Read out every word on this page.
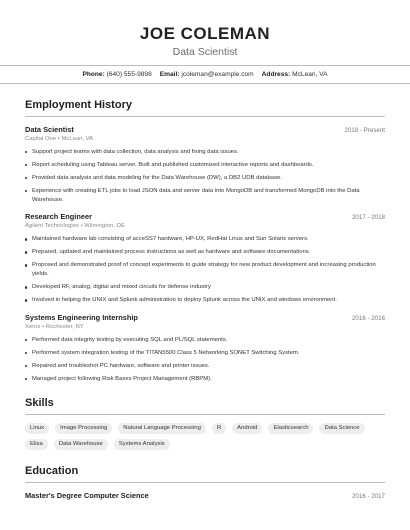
JOE COLEMAN
Data Scientist
Phone: (640) 555-9898 Email: jcoleman@example.com Address: McLean, VA
Employment History
Data Scientist	2018 - Present
Capital One • McLean, VA
Support project teams with data collection, data analysis and fixing data issues.
Report scheduling using Tableau server. Built and published customized interactive reports and dashboards.
Provided data analysis and data modeling for the Data Warehouse (DW), a DB2 UDB database.
Experience with creating ETL jobs to load JSON data and server data into MongoDB and transformed MongoDB into the Data Warehouse.
Research Engineer	2017 - 2018
Agilent Technologies • Wilmington, DE
Maintained hardware lab consisting of acceSS7 hardware, HP-UX, RedHat Linux and Sun Solaris servers.
Prepared, updated and maintained process instructions as well as hardware and software documentations.
Proposed and demonstrated proof of concept experiments to guide strategy for new product development and increasing production yields.
Developed RF, analog, digital and mixed circuits for defense industry
Involved in helping the UNIX and Splunk administration to deploy Splunk across the UNIX and windows environment.
Systems Engineering Internship	2016 - 2016
Xerox • Rochester, NY
Performed data integrity testing by executing SQL and PL/SQL statements.
Performed system integration testing of the TITAN5500 Class 5 Networking SONET Switching System.
Repaired and troubleshot PC hardware, software and printer issues.
Managed project following Risk Bases Project Management (RBPM).
Skills
Linux	Image Processing	Natural Language Processing	R	Android	Elasticsearch	Data Science
Elisa	Data Warehouse	Systems Analysis
Education
Master's Degree Computer Science	2016 - 2017
